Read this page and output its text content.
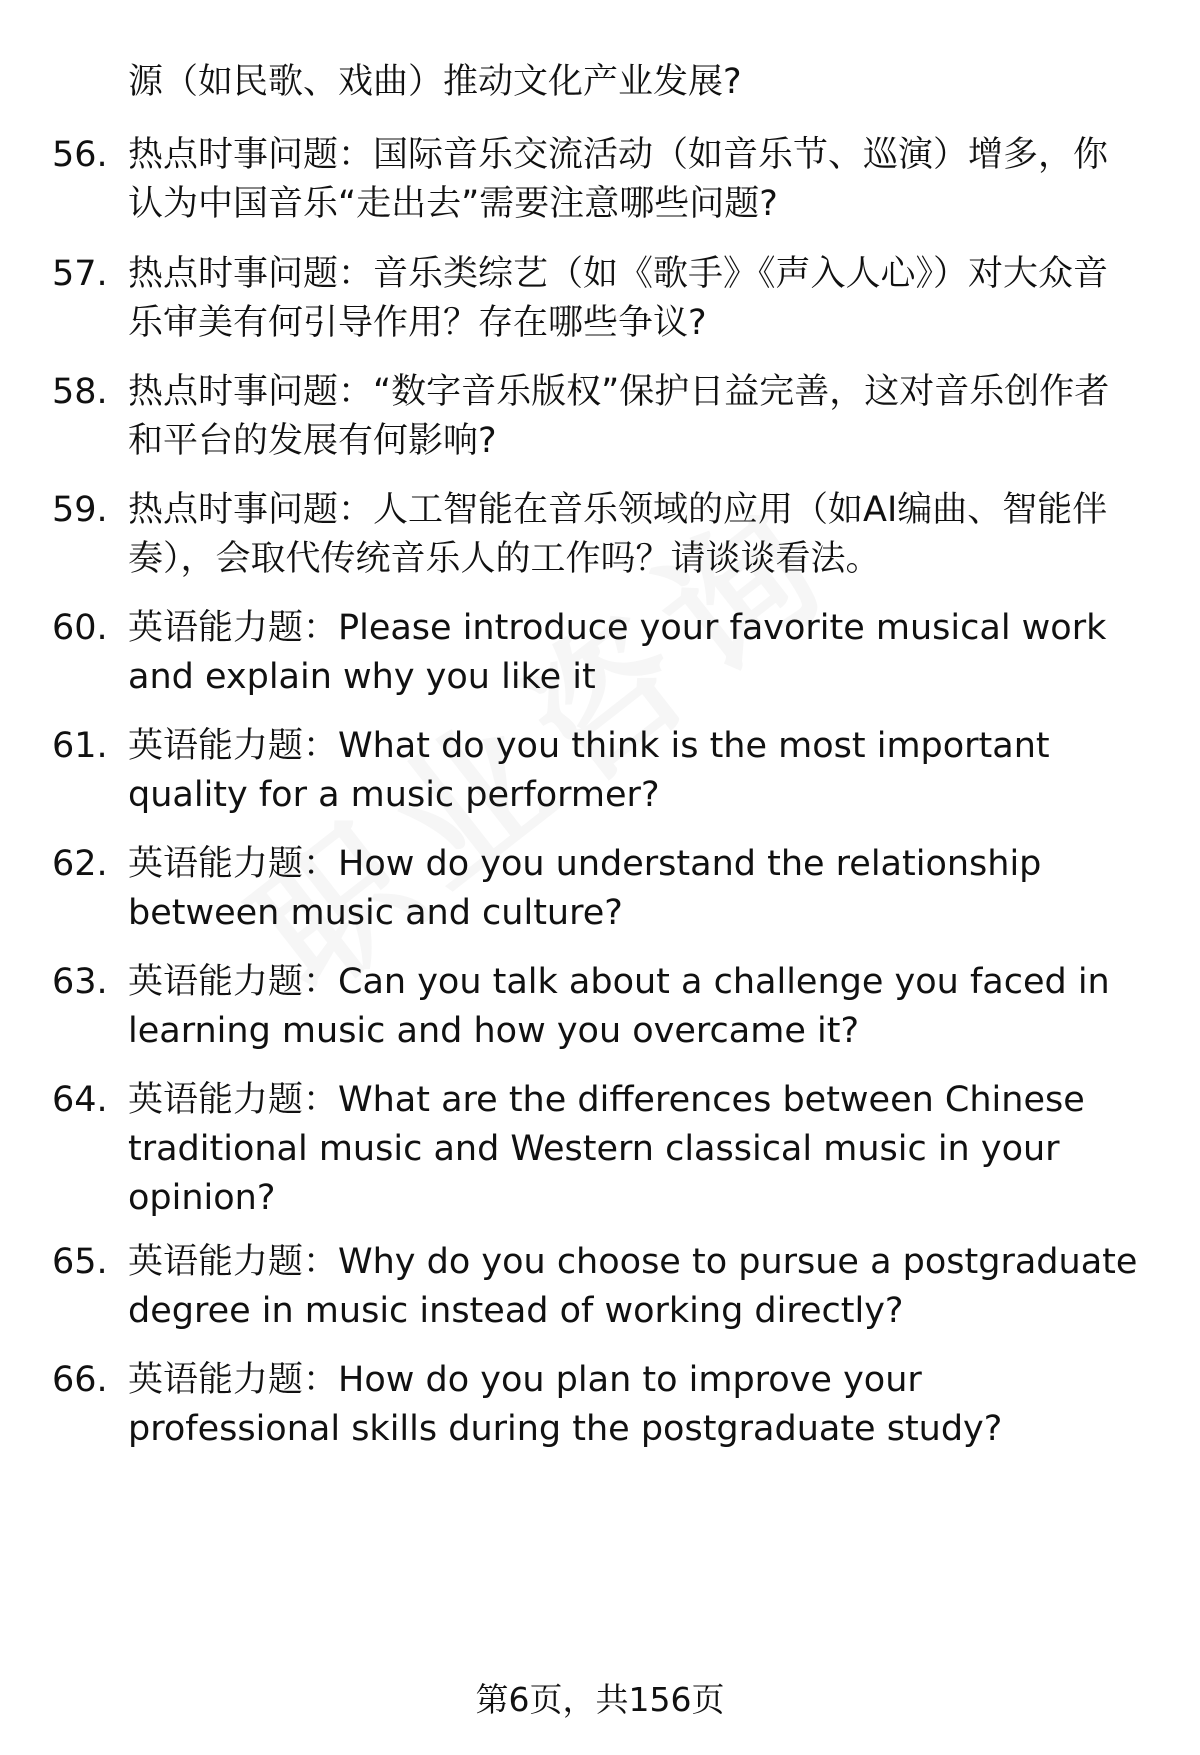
源（如民歌、戏曲）推动文化产业发展?
56. 热点时事问题：国际音乐交流活动（如音乐节、巡演）增多，你认为中国音乐“走出去”需要注意哪些问题?
57. 热点时事问题：音乐类综艺（如《歌手》《声入人心》）对大众音乐审美有何引导作用？存在哪些争议?
58. 热点时事问题：“数字音乐版权”保护日益完善，这对音乐创作者和平台的发展有何影响?
59. 热点时事问题：人工智能在音乐领域的应用（如AI编曲、智能伴奏），会取代传统音乐人的工作吗？请谈谈看法。
60. 英语能力题：Please introduce your favorite musical work and explain why you like it
61. 英语能力题：What do you think is the most important quality for a music performer?
62. 英语能力题：How do you understand the relationship between music and culture?
63. 英语能力题：Can you talk about a challenge you faced in learning music and how you overcame it?
64. 英语能力题：What are the differences between Chinese traditional music and Western classical music in your opinion?
65. 英语能力题：Why do you choose to pursue a postgraduate degree in music instead of working directly?
66. 英语能力题：How do you plan to improve your professional skills during the postgraduate study?
第6页，共156页
